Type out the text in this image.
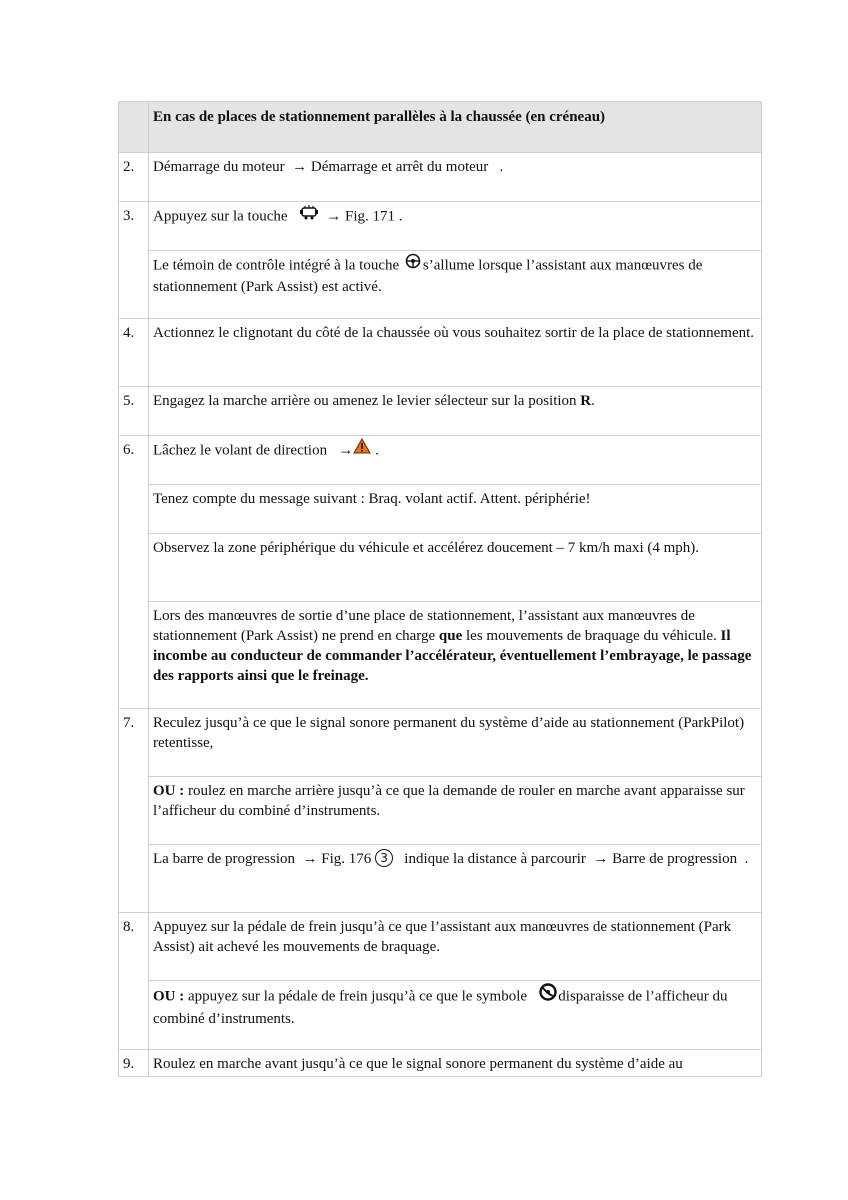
	En cas de places de stationnement parallèles à la chaussée (en créneau)
2.	Démarrage du moteur → Démarrage et arrêt du moteur .
3.	Appuyez sur la touche → Fig. 171 .
	Le témoin de contrôle intégré à la touche s’allume lorsque l’assistant aux manœuvres de stationnement (Park Assist) est activé.
4.	Actionnez le clignotant du côté de la chaussée où vous souhaitez sortir de la place de stationnement.
5.	Engagez la marche arrière ou amenez le levier sélecteur sur la position R.
6.	Lâchez le volant de direction → .
	Tenez compte du message suivant : Braq. volant actif. Attent. périphérie!
	Observez la zone périphérique du véhicule et accélérez doucement – 7 km/h maxi (4 mph).
	Lors des manœuvres de sortie d’une place de stationnement, l’assistant aux manœuvres de stationnement (Park Assist) ne prend en charge que les mouvements de braquage du véhicule. Il incombe au conducteur de commander l’accélérateur, éventuellement l’embrayage, le passage des rapports ainsi que le freinage.
7.	Reculez jusqu’à ce que le signal sonore permanent du système d’aide au stationnement (ParkPilot) retentisse,
	OU : roulez en marche arrière jusqu’à ce que la demande de rouler en marche avant apparaisse sur l’afficheur du combiné d’instruments.
	La barre de progression → Fig. 176 3 indique la distance à parcourir → Barre de progression .
8.	Appuyez sur la pédale de frein jusqu’à ce que l’assistant aux manœuvres de stationnement (Park Assist) ait achevé les mouvements de braquage.
	OU : appuyez sur la pédale de frein jusqu’à ce que le symbole disparaisse de l’afficheur du combiné d’instruments.
9.	Roulez en marche avant jusqu’à ce que le signal sonore permanent du système d’aide au
